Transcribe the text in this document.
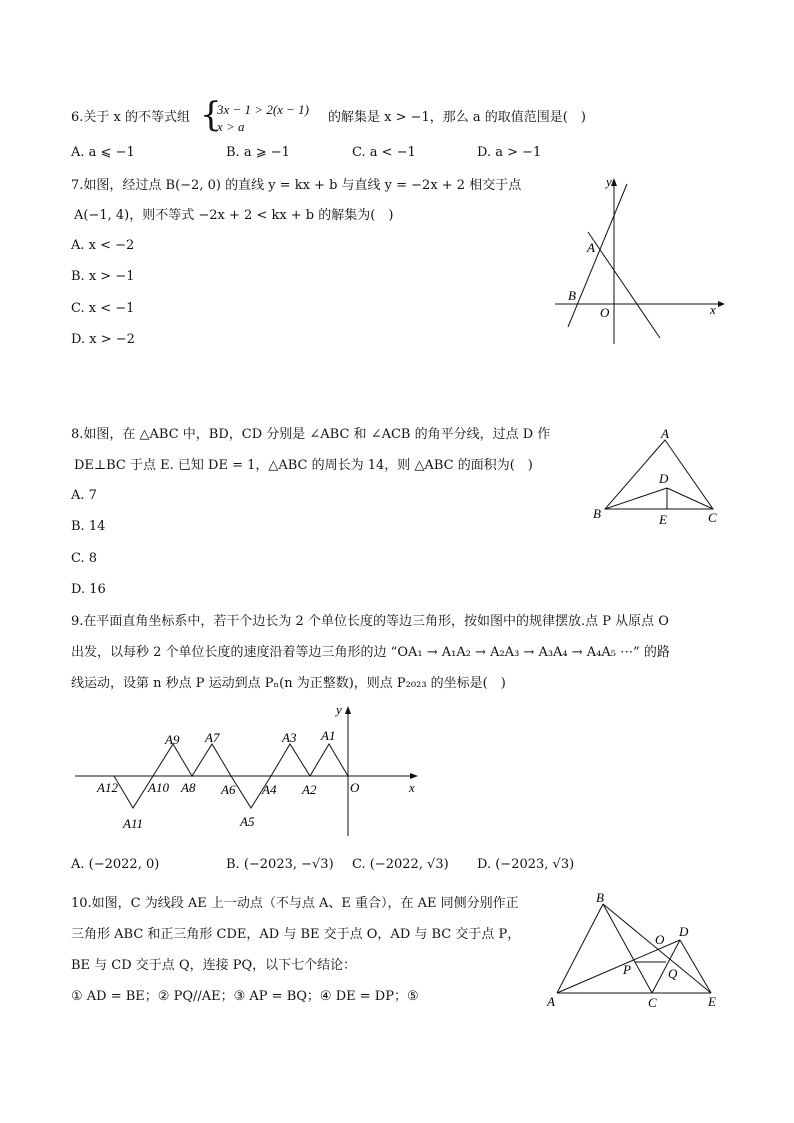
6.关于 x 的不等式组 {
3x − 1 > 2(x − 1)
x > a
的解集是 x > −1，那么 a 的取值范围是(　)
A. a ⩽ −1	B. a ⩾ −1	C. a < −1	D. a > −1
7.如图，经过点 B(−2, 0) 的直线 y = kx + b 与直线 y = −2x + 2 相交于点
A(−1, 4)，则不等式 −2x + 2 < kx + b 的解集为(　)
A. x < −2
B. x > −1
C. x < −1
D. x > −2
y
x
A
B
O
8.如图，在 △ABC 中，BD，CD 分别是 ∠ABC 和 ∠ACB 的角平分线，过点 D 作
DE⊥BC 于点 E. 已知 DE = 1，△ABC 的周长为 14，则 △ABC 的面积为(　)
A. 7
B. 14
C. 8
D. 16
A
B	C
D
E
9.在平面直角坐标系中，若干个边长为 2 个单位长度的等边三角形，按如图中的规律摆放.点 P 从原点 O
出发，以每秒 2 个单位长度的速度沿着等边三角形的边 “OA₁ → A₁A₂ → A₂A₃ → A₃A₄ → A₄A₅ ⋯” 的路
线运动，设第 n 秒点 P 运动到点 Pₙ(n 为正整数)，则点 P₂₀₂₃ 的坐标是(　)
y
x
O
A1
A2
A3
A4
A5
A6
A7
A8
A9
A10
A11
A12
A. (−2022, 0)	B. (−2023, −√3) C. (−2022, √3) D. (−2023, √3)
10.如图，C 为线段 AE 上一动点（不与点 A、E 重合），在 AE 同侧分别作正
三角形 ABC 和正三角形 CDE，AD 与 BE 交于点 O，AD 与 BC 交于点 P，
BE 与 CD 交于点 Q，连接 PQ，以下七个结论：
① AD = BE；② PQ//AE；③ AP = BQ；④ DE = DP；⑤
B
A	C	E
D
O
P	Q
